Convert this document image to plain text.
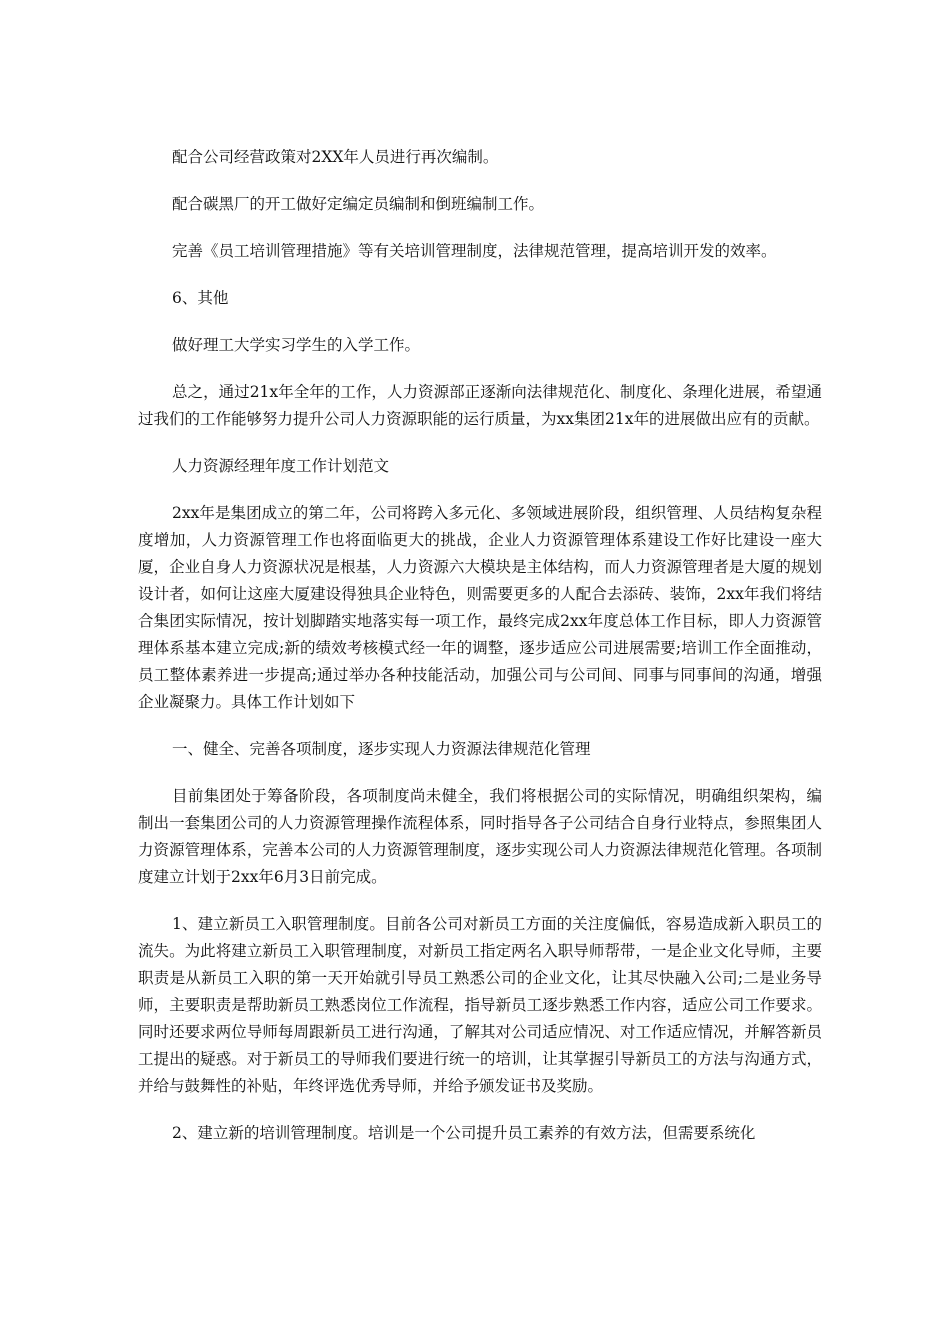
配合公司经营政策对2XX年人员进行再次编制。

配合碳黑厂的开工做好定编定员编制和倒班编制工作。

完善《员工培训管理措施》等有关培训管理制度，法律规范管理，提高培训开发的效率。

6、其他

做好理工大学实习学生的入学工作。

总之，通过21x年全年的工作，人力资源部正逐渐向法律规范化、制度化、条理化进展，希望通过我们的工作能够努力提升公司人力资源职能的运行质量，为xx集团21x年的进展做出应有的贡献。

人力资源经理年度工作计划范文

2xx年是集团成立的第二年，公司将跨入多元化、多领域进展阶段，组织管理、人员结构复杂程度增加，人力资源管理工作也将面临更大的挑战，企业人力资源管理体系建设工作好比建设一座大厦，企业自身人力资源状况是根基，人力资源六大模块是主体结构，而人力资源管理者是大厦的规划设计者，如何让这座大厦建设得独具企业特色，则需要更多的人配合去添砖、装饰，2xx年我们将结合集团实际情况，按计划脚踏实地落实每一项工作，最终完成2xx年度总体工作目标，即人力资源管理体系基本建立完成;新的绩效考核模式经一年的调整，逐步适应公司进展需要;培训工作全面推动，员工整体素养进一步提高;通过举办各种技能活动，加强公司与公司间、同事与同事间的沟通，增强企业凝聚力。具体工作计划如下

一、健全、完善各项制度，逐步实现人力资源法律规范化管理

目前集团处于筹备阶段，各项制度尚未健全，我们将根据公司的实际情况，明确组织架构，编制出一套集团公司的人力资源管理操作流程体系，同时指导各子公司结合自身行业特点，参照集团人力资源管理体系，完善本公司的人力资源管理制度，逐步实现公司人力资源法律规范化管理。各项制度建立计划于2xx年6月3日前完成。

1、建立新员工入职管理制度。目前各公司对新员工方面的关注度偏低，容易造成新入职员工的流失。为此将建立新员工入职管理制度，对新员工指定两名入职导师帮带，一是企业文化导师，主要职责是从新员工入职的第一天开始就引导员工熟悉公司的企业文化，让其尽快融入公司;二是业务导师，主要职责是帮助新员工熟悉岗位工作流程，指导新员工逐步熟悉工作内容，适应公司工作要求。同时还要求两位导师每周跟新员工进行沟通，了解其对公司适应情况、对工作适应情况，并解答新员工提出的疑惑。对于新员工的导师我们要进行统一的培训，让其掌握引导新员工的方法与沟通方式，并给与鼓舞性的补贴，年终评选优秀导师，并给予颁发证书及奖励。

2、建立新的培训管理制度。培训是一个公司提升员工素养的有效方法，但需要系统化
